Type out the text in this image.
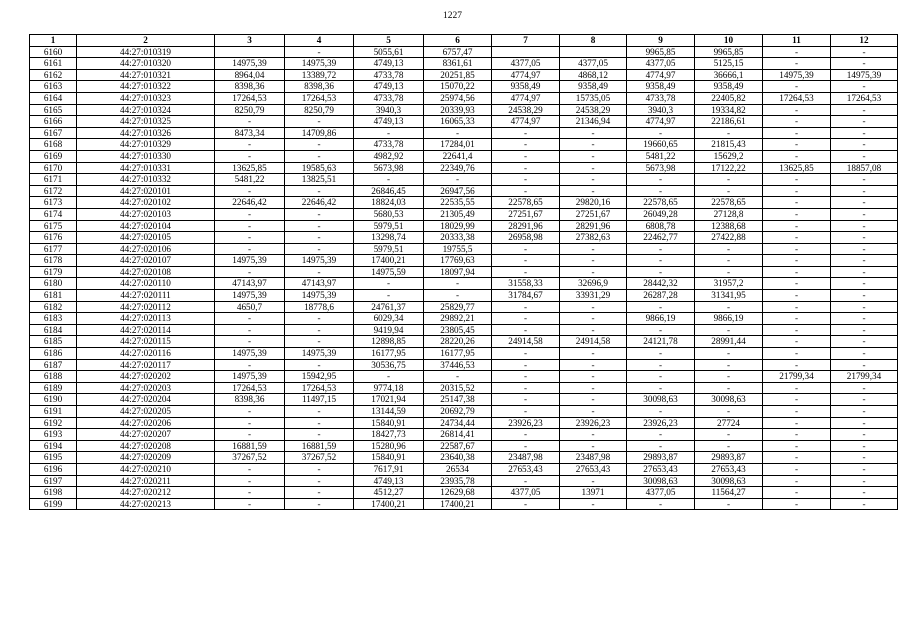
1227
1	2	3	4	5	6	7	8	9	10	11	12
6160	44:27:010319		-	5055,61	6757,47			9965,85	9965,85	-	-
6161	44:27:010320	14975,39	14975,39	4749,13	8361,61	4377,05	4377,05	4377,05	5125,15	-	-
6162	44:27:010321	8964,04	13389,72	4733,78	20251,85	4774,97	4868,12	4774,97	36666,1	14975,39	14975,39
6163	44:27:010322	8398,36	8398,36	4749,13	15070,22	9358,49	9358,49	9358,49	9358,49	-	-
6164	44:27:010323	17264,53	17264,53	4733,78	25974,56	4774,97	15735,05	4733,78	22405,82	17264,53	17264,53
6165	44:27:010324	8250,79	8250,79	3940,3	20339,93	24538,29	24538,29	3940,3	19334,82	-	-
6166	44:27:010325	-	-	4749,13	16065,33	4774,97	21346,94	4774,97	22186,61	-	-
6167	44:27:010326	8473,34	14709,86	-	-	-	-	-	-	-	-
6168	44:27:010329	-	-	4733,78	17284,01	-	-	19660,65	21815,43	-	-
6169	44:27:010330	-	-	4982,92	22641,4	-	-	5481,22	15629,2	-	-
6170	44:27:010331	13625,85	19585,63	5673,98	22349,76	-	-	5673,98	17122,22	13625,85	18857,08
6171	44:27:010332	5481,22	13825,51	-	-	-	-	-	-	-	-
6172	44:27:020101	-	-	26846,45	26947,56	-	-	-	-	-	-
6173	44:27:020102	22646,42	22646,42	18824,03	22535,55	22578,65	29820,16	22578,65	22578,65	-	-
6174	44:27:020103	-	-	5680,53	21305,49	27251,67	27251,67	26049,28	27128,8	-	-
6175	44:27:020104	-	-	5979,51	18029,99	28291,96	28291,96	6808,78	12388,68	-	-
6176	44:27:020105	-	-	13298,74	20333,38	26958,98	27382,63	22462,77	27422,88	-	-
6177	44:27:020106	-	-	5979,51	19755,5	-	-	-	-	-	-
6178	44:27:020107	14975,39	14975,39	17400,21	17769,63	-	-	-	-	-	-
6179	44:27:020108	-	-	14975,59	18097,94	-	-	-	-	-	-
6180	44:27:020110	47143,97	47143,97	-	-	31558,33	32696,9	28442,32	31957,2	-	-
6181	44:27:020111	14975,39	14975,39	-	-	31784,67	33931,29	26287,28	31341,95	-	-
6182	44:27:020112	4650,7	18778,6	24761,37	25829,77	-	-	-	-	-	-
6183	44:27:020113	-	-	6029,34	29892,21	-	-	9866,19	9866,19	-	-
6184	44:27:020114	-	-	9419,94	23805,45	-	-	-	-	-	-
6185	44:27:020115	-	-	12898,85	28220,26	24914,58	24914,58	24121,78	28991,44	-	-
6186	44:27:020116	14975,39	14975,39	16177,95	16177,95	-	-	-	-	-	-
6187	44:27:020117	-	-	30536,75	37446,53	-	-	-	-	-	-
6188	44:27:020202	14975,39	15942,95	-	-	-	-	-	-	21799,34	21799,34
6189	44:27:020203	17264,53	17264,53	9774,18	20315,52	-	-	-	-	-	-
6190	44:27:020204	8398,36	11497,15	17021,94	25147,38	-	-	30098,63	30098,63	-	-
6191	44:27:020205	-	-	13144,59	20692,79	-	-	-	-	-	-
6192	44:27:020206	-	-	15840,91	24734,44	23926,23	23926,23	23926,23	27724	-	-
6193	44:27:020207	-	-	18427,73	26814,41	-	-	-	-	-	-
6194	44:27:020208	16881,59	16881,59	15280,96	22587,67	-	-	-	-	-	-
6195	44:27:020209	37267,52	37267,52	15840,91	23640,38	23487,98	23487,98	29893,87	29893,87	-	-
6196	44:27:020210	-	-	7617,91	26534	27653,43	27653,43	27653,43	27653,43	-	-
6197	44:27:020211	-	-	4749,13	23935,78	-	-	30098,63	30098,63	-	-
6198	44:27:020212	-	-	4512,27	12629,68	4377,05	13971	4377,05	11564,27	-	-
6199	44:27:020213	-	-	17400,21	17400,21	-	-	-	-	-	-
